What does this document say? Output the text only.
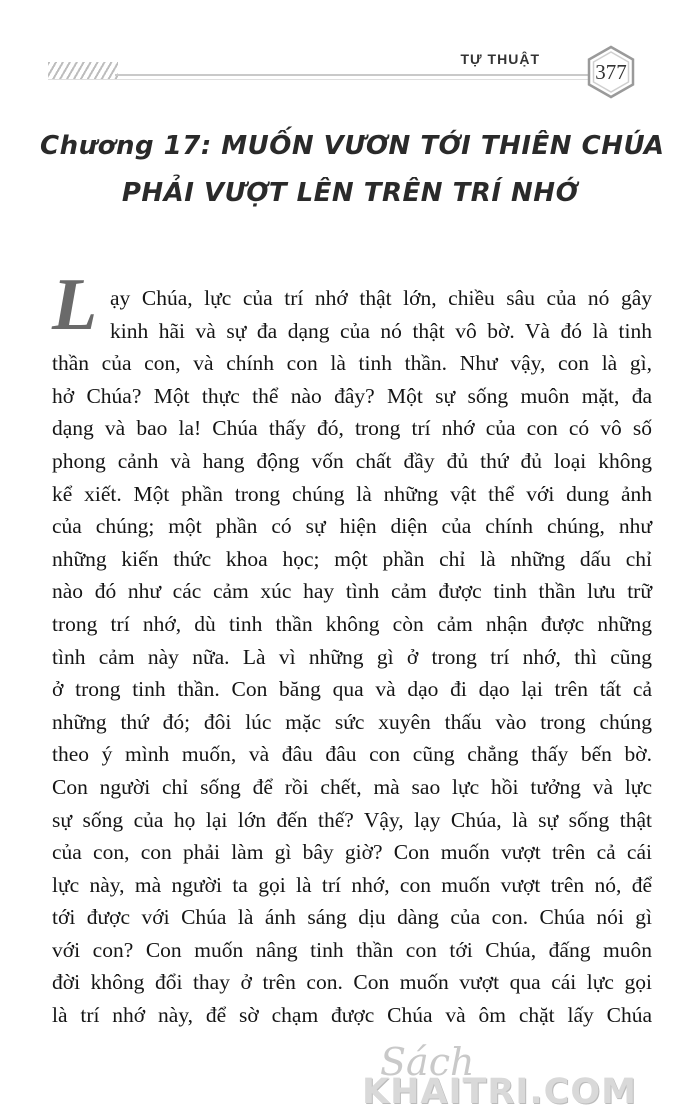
TỰ THUẬT
377
Chương 17: MUỐN VƯƠN TỚI THIÊN CHÚA
PHẢI VƯỢT LÊN TRÊN TRÍ NHỚ
L ạy Chúa, lực của trí nhớ thật lớn, chiều sâu của nó gây
kinh hãi và sự đa dạng của nó thật vô bờ. Và đó là tinh
thần của con, và chính con là tinh thần. Như vậy, con là gì,
hở Chúa? Một thực thể nào đây? Một sự sống muôn mặt, đa
dạng và bao la! Chúa thấy đó, trong trí nhớ của con có vô số
phong cảnh và hang động vốn chất đầy đủ thứ đủ loại không
kể xiết. Một phần trong chúng là những vật thể với dung ảnh
của chúng; một phần có sự hiện diện của chính chúng, như
những kiến thức khoa học; một phần chỉ là những dấu chỉ
nào đó như các cảm xúc hay tình cảm được tinh thần lưu trữ
trong trí nhớ, dù tinh thần không còn cảm nhận được những
tình cảm này nữa. Là vì những gì ở trong trí nhớ, thì cũng
ở trong tinh thần. Con băng qua và dạo đi dạo lại trên tất cả
những thứ đó; đôi lúc mặc sức xuyên thấu vào trong chúng
theo ý mình muốn, và đâu đâu con cũng chẳng thấy bến bờ.
Con người chỉ sống để rồi chết, mà sao lực hồi tưởng và lực
sự sống của họ lại lớn đến thế? Vậy, lạy Chúa, là sự sống thật
của con, con phải làm gì bây giờ? Con muốn vượt trên cả cái
lực này, mà người ta gọi là trí nhớ, con muốn vượt trên nó, để
tới được với Chúa là ánh sáng dịu dàng của con. Chúa nói gì
với con? Con muốn nâng tinh thần con tới Chúa, đấng muôn
đời không đổi thay ở trên con. Con muốn vượt qua cái lực gọi
là trí nhớ này, để sờ chạm được Chúa và ôm chặt lấy Chúa
Sách
KHAITRI.COM
